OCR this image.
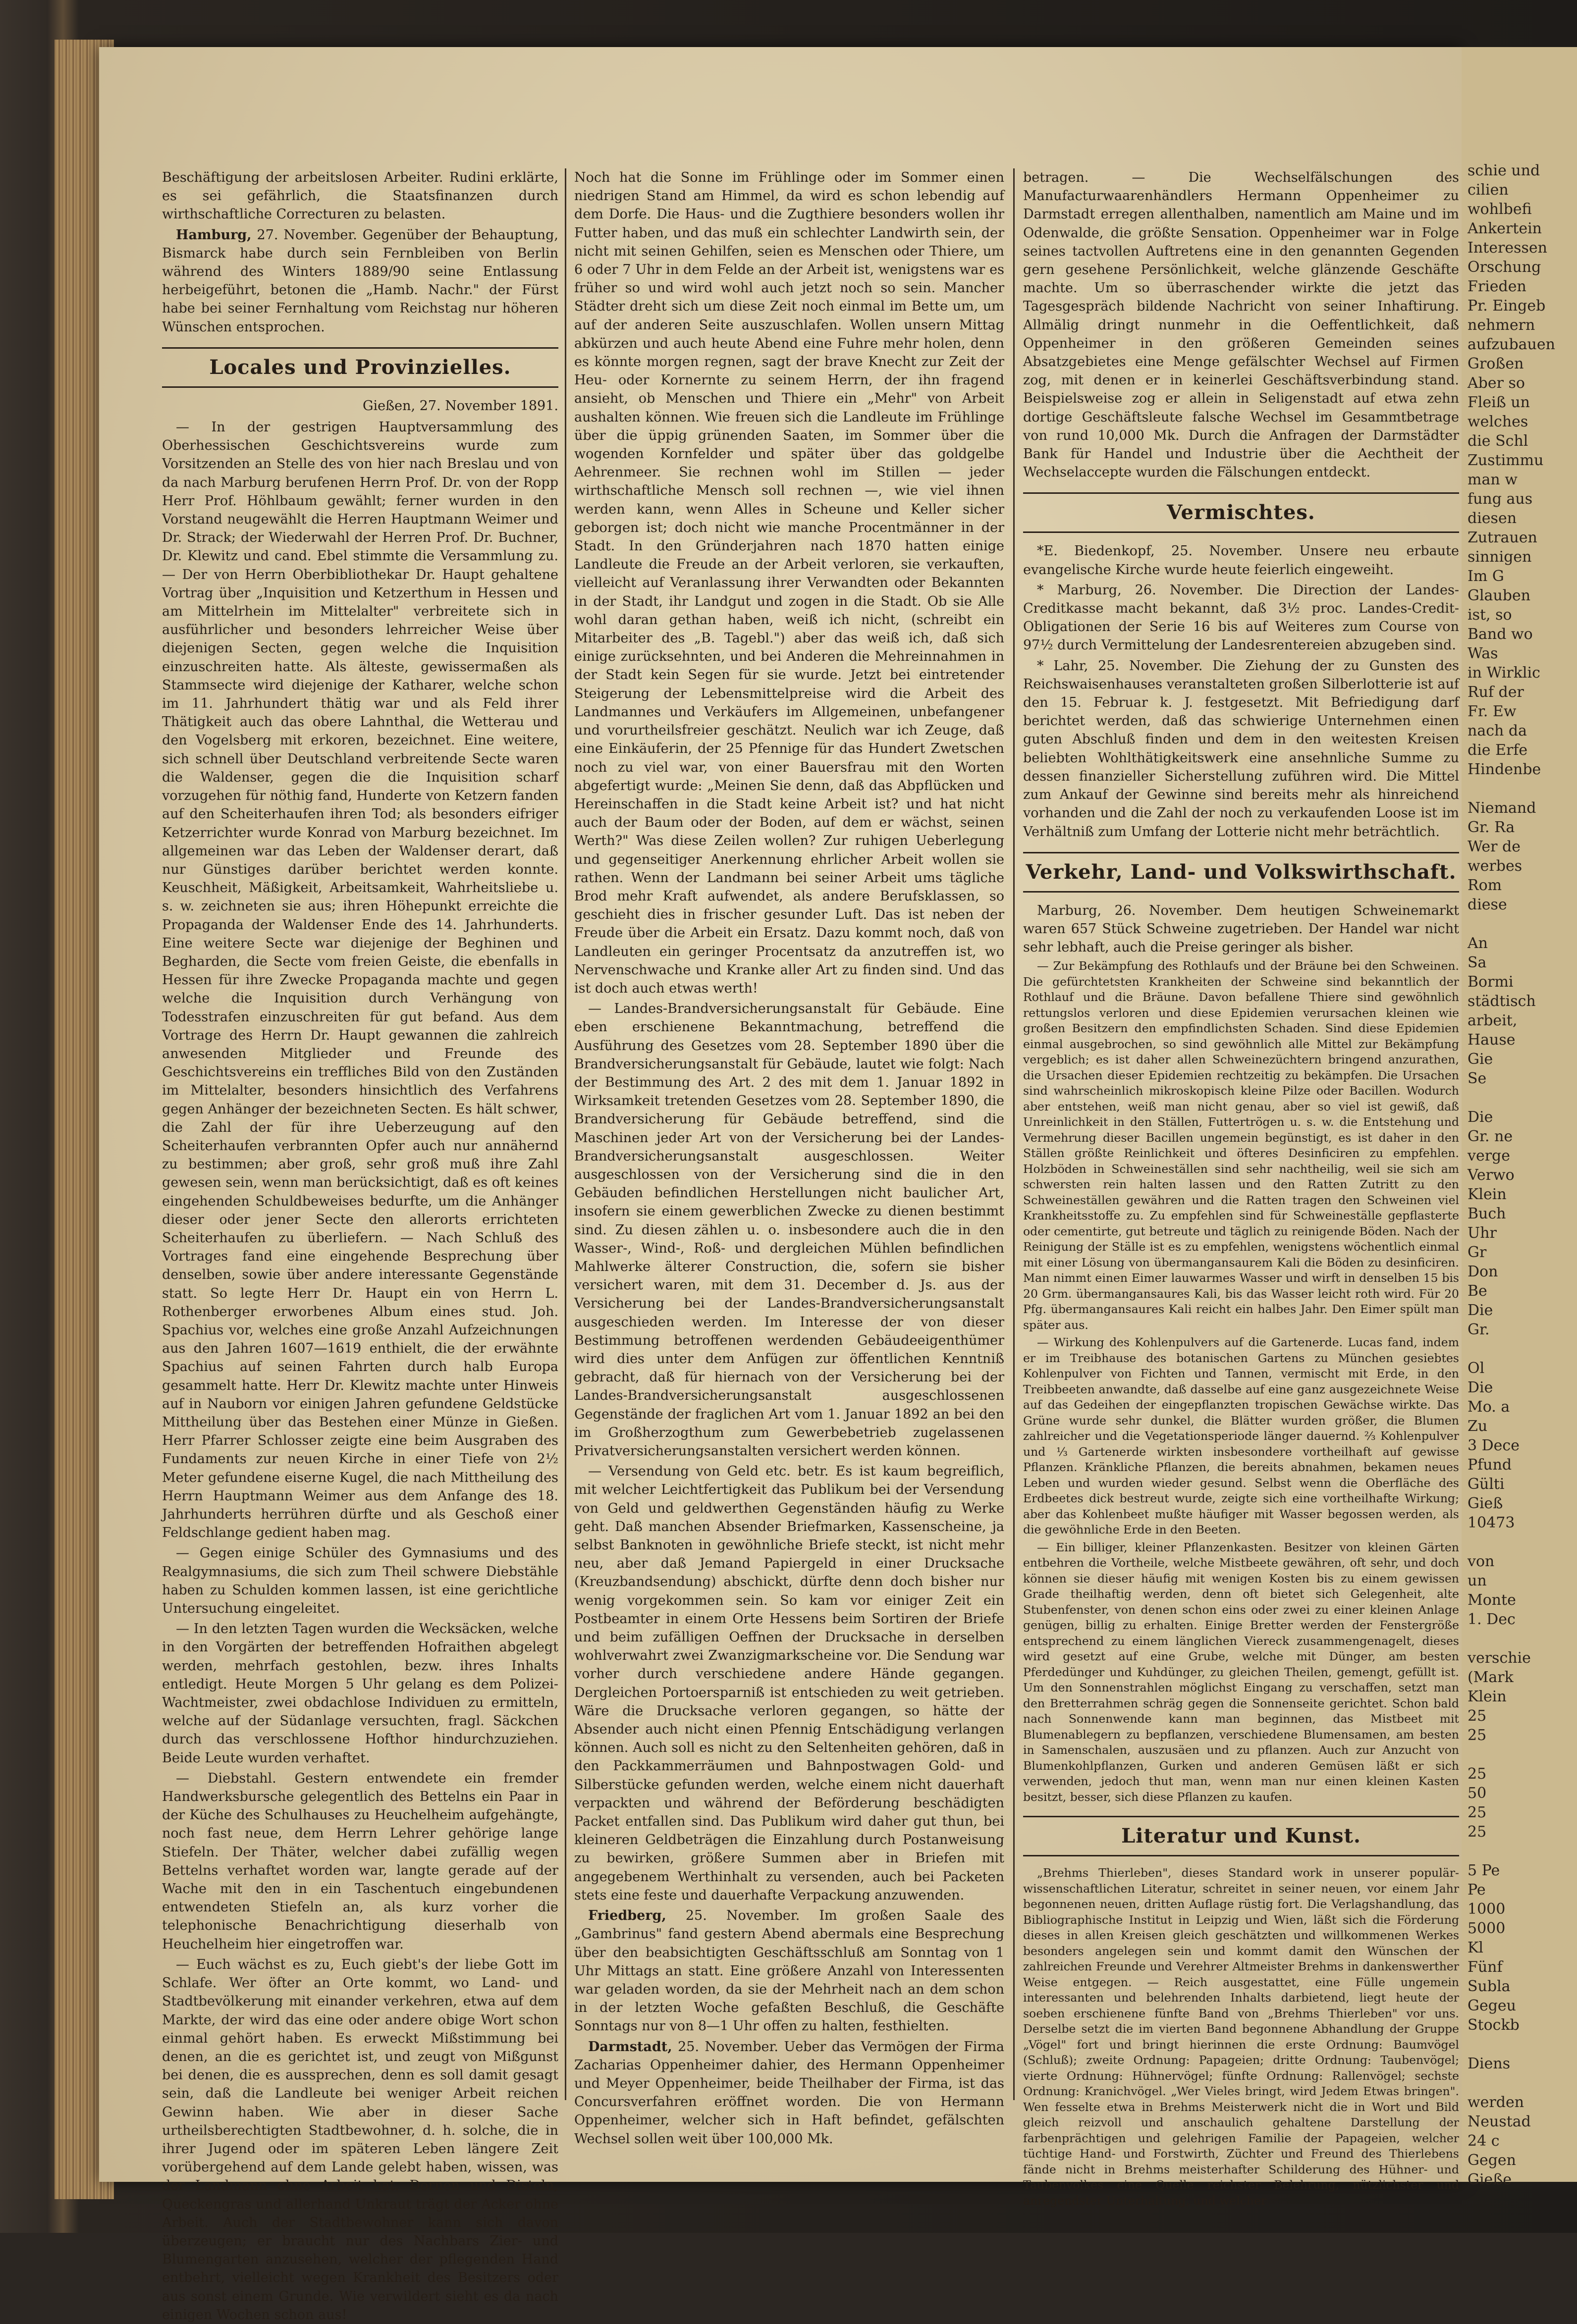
schie und
cilien
wohlbefi
Ankertein
Interessen
Orschung
Frieden
Pr. Eingeb
nehmern
aufzubauen
Großen
Aber so
Fleiß un
welches
die Schl
Zustimmu
man w
fung aus
diesen
Zutrauen
sinnigen
Im G
Glauben
ist, so
Band wo
Was
in Wirklic
Ruf der
Fr. Ew
nach da
die Erfe
Hindenbe

Niemand
Gr. Ra
Wer de
werbes
Rom
diese

An
Sa
Bormi
städtisch
arbeit,
Hause
Gie
Se

Die
Gr. ne
verge
Verwo
Klein
Buch
Uhr
Gr
Don
Be
Die
Gr.

Ol
Die
Mo. a
Zu
3 Dece
Pfund
Gülti
Gieß
10473

von
un
Monte
1. Dec

verschie
(Mark
Klein
25
25

25
50
25
25

5 Pe
Pe
1000
5000
Kl
Fünf
Subla
Gegeu
Stockb

Diens

werden
Neustad
24 c
Gegen
Gieße

Beschäftigung der arbeitslosen Arbeiter. Rudini erklärte, es sei gefährlich, die Staatsfinanzen durch wirthschaftliche Correcturen zu belasten.

Hamburg, 27. November. Gegenüber der Behauptung, Bismarck habe durch sein Fernbleiben von Berlin während des Winters 1889/90 seine Entlassung herbeigeführt, betonen die „Hamb. Nachr." der Fürst habe bei seiner Fernhaltung vom Reichstag nur höheren Wünschen entsprochen.

Locales und Provinzielles.
Gießen, 27. November 1891.

— In der gestrigen Hauptversammlung des Oberhessischen Geschichtsvereins wurde zum Vorsitzenden an Stelle des von hier nach Breslau und von da nach Marburg berufenen Herrn Prof. Dr. von der Ropp Herr Prof. Höhlbaum gewählt; ferner wurden in den Vorstand neugewählt die Herren Hauptmann Weimer und Dr. Strack; der Wiederwahl der Herren Prof. Dr. Buchner, Dr. Klewitz und cand. Ebel stimmte die Versammlung zu. — Der von Herrn Oberbibliothekar Dr. Haupt gehaltene Vortrag über „Inquisition und Ketzerthum in Hessen und am Mittelrhein im Mittelalter" verbreitete sich in ausführlicher und besonders lehrreicher Weise über diejenigen Secten, gegen welche die Inquisition einzuschreiten hatte. Als älteste, gewissermaßen als Stammsecte wird diejenige der Katharer, welche schon im 11. Jahrhundert thätig war und als Feld ihrer Thätigkeit auch das obere Lahnthal, die Wetterau und den Vogelsberg mit erkoren, bezeichnet. Eine weitere, sich schnell über Deutschland verbreitende Secte waren die Waldenser, gegen die die Inquisition scharf vorzugehen für nöthig fand, Hunderte von Ketzern fanden auf den Scheiterhaufen ihren Tod; als besonders eifriger Ketzerrichter wurde Konrad von Marburg bezeichnet. Im allgemeinen war das Leben der Waldenser derart, daß nur Günstiges darüber berichtet werden konnte. Keuschheit, Mäßigkeit, Arbeitsamkeit, Wahrheitsliebe u. s. w. zeichneten sie aus; ihren Höhepunkt erreichte die Propaganda der Waldenser Ende des 14. Jahrhunderts. Eine weitere Secte war diejenige der Beghinen und Begharden, die Secte vom freien Geiste, die ebenfalls in Hessen für ihre Zwecke Propaganda machte und gegen welche die Inquisition durch Verhängung von Todesstrafen einzuschreiten für gut befand. Aus dem Vortrage des Herrn Dr. Haupt gewannen die zahlreich anwesenden Mitglieder und Freunde des Geschichtsvereins ein treffliches Bild von den Zuständen im Mittelalter, besonders hinsichtlich des Verfahrens gegen Anhänger der bezeichneten Secten. Es hält schwer, die Zahl der für ihre Ueberzeugung auf den Scheiterhaufen verbrannten Opfer auch nur annähernd zu bestimmen; aber groß, sehr groß muß ihre Zahl gewesen sein, wenn man berücksichtigt, daß es oft keines eingehenden Schuldbeweises bedurfte, um die Anhänger dieser oder jener Secte den allerorts errichteten Scheiterhaufen zu überliefern. — Nach Schluß des Vortrages fand eine eingehende Besprechung über denselben, sowie über andere interessante Gegenstände statt. So legte Herr Dr. Haupt ein von Herrn L. Rothenberger erworbenes Album eines stud. Joh. Spachius vor, welches eine große Anzahl Aufzeichnungen aus den Jahren 1607—1619 enthielt, die der erwähnte Spachius auf seinen Fahrten durch halb Europa gesammelt hatte. Herr Dr. Klewitz machte unter Hinweis auf in Nauborn vor einigen Jahren gefundene Geldstücke Mittheilung über das Bestehen einer Münze in Gießen. Herr Pfarrer Schlosser zeigte eine beim Ausgraben des Fundaments zur neuen Kirche in einer Tiefe von 2½ Meter gefundene eiserne Kugel, die nach Mittheilung des Herrn Hauptmann Weimer aus dem Anfange des 18. Jahrhunderts herrühren dürfte und als Geschoß einer Feldschlange gedient haben mag.

— Gegen einige Schüler des Gymnasiums und des Realgymnasiums, die sich zum Theil schwere Diebstähle haben zu Schulden kommen lassen, ist eine gerichtliche Untersuchung eingeleitet.

— In den letzten Tagen wurden die Wecksäcken, welche in den Vorgärten der betreffenden Hofraithen abgelegt werden, mehrfach gestohlen, bezw. ihres Inhalts entledigt. Heute Morgen 5 Uhr gelang es dem Polizei-Wachtmeister, zwei obdachlose Individuen zu ermitteln, welche auf der Südanlage versuchten, fragl. Säckchen durch das verschlossene Hofthor hindurchzuziehen. Beide Leute wurden verhaftet.

— Diebstahl. Gestern entwendete ein fremder Handwerksbursche gelegentlich des Bettelns ein Paar in der Küche des Schulhauses zu Heuchelheim aufgehängte, noch fast neue, dem Herrn Lehrer gehörige lange Stiefeln. Der Thäter, welcher dabei zufällig wegen Bettelns verhaftet worden war, langte gerade auf der Wache mit den in ein Taschentuch eingebundenen entwendeten Stiefeln an, als kurz vorher die telephonische Benachrichtigung dieserhalb von Heuchelheim hier eingetroffen war.

— Euch wächst es zu, Euch giebt's der liebe Gott im Schlafe. Wer öfter an Orte kommt, wo Land- und Stadtbevölkerung mit einander verkehren, etwa auf dem Markte, der wird das eine oder andere obige Wort schon einmal gehört haben. Es erweckt Mißstimmung bei denen, an die es gerichtet ist, und zeugt von Mißgunst bei denen, die es aussprechen, denn es soll damit gesagt sein, daß die Landleute bei weniger Arbeit reichen Gewinn haben. Wie aber in dieser Sache urtheilsberechtigten Stadtbewohner, d. h. solche, die in ihrer Jugend oder im späteren Leben längere Zeit vorübergehend auf dem Lande gelebt haben, wissen, was der Landmann ohne Arbeit hat. Dornen und Disteln, Queckengras und allerhand Unkraut trägt der Acker ohne Arbeit. Auch der Stadtbewohner kann sich davon überzeugen; er braucht nur des Nachbars Zier- und Blumengarten anzusehen, welcher der pflegenden Hand entbehrt, vielleicht wegen Krankheit des Besitzers oder aus sonst einem Grunde. Wie verwildert sieht es da nach einigen Wochen schon aus!

Noch hat die Sonne im Frühlinge oder im Sommer einen niedrigen Stand am Himmel, da wird es schon lebendig auf dem Dorfe. Die Haus- und die Zugthiere besonders wollen ihr Futter haben, und das muß ein schlechter Landwirth sein, der nicht mit seinen Gehilfen, seien es Menschen oder Thiere, um 6 oder 7 Uhr in dem Felde an der Arbeit ist, wenigstens war es früher so und wird wohl auch jetzt noch so sein. Mancher Städter dreht sich um diese Zeit noch einmal im Bette um, um auf der anderen Seite auszuschlafen. Wollen unsern Mittag abkürzen und auch heute Abend eine Fuhre mehr holen, denn es könnte morgen regnen, sagt der brave Knecht zur Zeit der Heu- oder Kornernte zu seinem Herrn, der ihn fragend ansieht, ob Menschen und Thiere ein „Mehr" von Arbeit aushalten können. Wie freuen sich die Landleute im Frühlinge über die üppig grünenden Saaten, im Sommer über die wogenden Kornfelder und später über das goldgelbe Aehrenmeer. Sie rechnen wohl im Stillen — jeder wirthschaftliche Mensch soll rechnen —, wie viel ihnen werden kann, wenn Alles in Scheune und Keller sicher geborgen ist; doch nicht wie manche Procentmänner in der Stadt. In den Gründerjahren nach 1870 hatten einige Landleute die Freude an der Arbeit verloren, sie verkauften, vielleicht auf Veranlassung ihrer Verwandten oder Bekannten in der Stadt, ihr Landgut und zogen in die Stadt. Ob sie Alle wohl daran gethan haben, weiß ich nicht, (schreibt ein Mitarbeiter des „B. Tagebl.") aber das weiß ich, daß sich einige zurücksehnten, und bei Anderen die Mehreinnahmen in der Stadt kein Segen für sie wurde. Jetzt bei eintretender Steigerung der Lebensmittelpreise wird die Arbeit des Landmannes und Verkäufers im Allgemeinen, unbefangener und vorurtheilsfreier geschätzt. Neulich war ich Zeuge, daß eine Einkäuferin, der 25 Pfennige für das Hundert Zwetschen noch zu viel war, von einer Bauersfrau mit den Worten abgefertigt wurde: „Meinen Sie denn, daß das Abpflücken und Hereinschaffen in die Stadt keine Arbeit ist? und hat nicht auch der Baum oder der Boden, auf dem er wächst, seinen Werth?" Was diese Zeilen wollen? Zur ruhigen Ueberlegung und gegenseitiger Anerkennung ehrlicher Arbeit wollen sie rathen. Wenn der Landmann bei seiner Arbeit ums tägliche Brod mehr Kraft aufwendet, als andere Berufsklassen, so geschieht dies in frischer gesunder Luft. Das ist neben der Freude über die Arbeit ein Ersatz. Dazu kommt noch, daß von Landleuten ein geringer Procentsatz da anzutreffen ist, wo Nervenschwache und Kranke aller Art zu finden sind. Und das ist doch auch etwas werth!

— Landes-Brandversicherungsanstalt für Gebäude. Eine eben erschienene Bekanntmachung, betreffend die Ausführung des Gesetzes vom 28. September 1890 über die Brandversicherungsanstalt für Gebäude, lautet wie folgt: Nach der Bestimmung des Art. 2 des mit dem 1. Januar 1892 in Wirksamkeit tretenden Gesetzes vom 28. September 1890, die Brandversicherung für Gebäude betreffend, sind die Maschinen jeder Art von der Versicherung bei der Landes-Brandversicherungsanstalt ausgeschlossen. Weiter ausgeschlossen von der Versicherung sind die in den Gebäuden befindlichen Herstellungen nicht baulicher Art, insofern sie einem gewerblichen Zwecke zu dienen bestimmt sind. Zu diesen zählen u. o. insbesondere auch die in den Wasser-, Wind-, Roß- und dergleichen Mühlen befindlichen Mahlwerke älterer Construction, die, sofern sie bisher versichert waren, mit dem 31. December d. Js. aus der Versicherung bei der Landes-Brandversicherungsanstalt ausgeschieden werden. Im Interesse der von dieser Bestimmung betroffenen werdenden Gebäudeeigenthümer wird dies unter dem Anfügen zur öffentlichen Kenntniß gebracht, daß für hiernach von der Versicherung bei der Landes-Brandversicherungsanstalt ausgeschlossenen Gegenstände der fraglichen Art vom 1. Januar 1892 an bei den im Großherzogthum zum Gewerbebetrieb zugelassenen Privatversicherungsanstalten versichert werden können.

— Versendung von Geld etc. betr. Es ist kaum begreiflich, mit welcher Leichtfertigkeit das Publikum bei der Versendung von Geld und geldwerthen Gegenständen häufig zu Werke geht. Daß manchen Absender Briefmarken, Kassenscheine, ja selbst Banknoten in gewöhnliche Briefe steckt, ist nicht mehr neu, aber daß Jemand Papiergeld in einer Drucksache (Kreuzbandsendung) abschickt, dürfte denn doch bisher nur wenig vorgekommen sein. So kam vor einiger Zeit ein Postbeamter in einem Orte Hessens beim Sortiren der Briefe und beim zufälligen Oeffnen der Drucksache in derselben wohlverwahrt zwei Zwanzigmarkscheine vor. Die Sendung war vorher durch verschiedene andere Hände gegangen. Dergleichen Portoersparniß ist entschieden zu weit getrieben. Wäre die Drucksache verloren gegangen, so hätte der Absender auch nicht einen Pfennig Entschädigung verlangen können. Auch soll es nicht zu den Seltenheiten gehören, daß in den Packkammerräumen und Bahnpostwagen Gold- und Silberstücke gefunden werden, welche einem nicht dauerhaft verpackten und während der Beförderung beschädigten Packet entfallen sind. Das Publikum wird daher gut thun, bei kleineren Geldbeträgen die Einzahlung durch Postanweisung zu bewirken, größere Summen aber in Briefen mit angegebenem Werthinhalt zu versenden, auch bei Packeten stets eine feste und dauerhafte Verpackung anzuwenden.

Friedberg, 25. November. Im großen Saale des „Gambrinus" fand gestern Abend abermals eine Besprechung über den beabsichtigten Geschäftsschluß am Sonntag von 1 Uhr Mittags an statt. Eine größere Anzahl von Interessenten war geladen worden, da sie der Mehrheit nach an dem schon in der letzten Woche gefaßten Beschluß, die Geschäfte Sonntags nur von 8—1 Uhr offen zu halten, festhielten.

Darmstadt, 25. November. Ueber das Vermögen der Firma Zacharias Oppenheimer dahier, des Hermann Oppenheimer und Meyer Oppenheimer, beide Theilhaber der Firma, ist das Concursverfahren eröffnet worden. Die von Hermann Oppenheimer, welcher sich in Haft befindet, gefälschten Wechsel sollen weit über 100,000 Mk.

betragen. — Die Wechselfälschungen des Manufacturwaarenhändlers Hermann Oppenheimer zu Darmstadt erregen allenthalben, namentlich am Maine und im Odenwalde, die größte Sensation. Oppenheimer war in Folge seines tactvollen Auftretens eine in den genannten Gegenden gern gesehene Persönlichkeit, welche glänzende Geschäfte machte. Um so überraschender wirkte die jetzt das Tagesgespräch bildende Nachricht von seiner Inhaftirung. Allmälig dringt nunmehr in die Oeffentlichkeit, daß Oppenheimer in den größeren Gemeinden seines Absatzgebietes eine Menge gefälschter Wechsel auf Firmen zog, mit denen er in keinerlei Geschäftsverbindung stand. Beispielsweise zog er allein in Seligenstadt auf etwa zehn dortige Geschäftsleute falsche Wechsel im Gesammtbetrage von rund 10,000 Mk. Durch die Anfragen der Darmstädter Bank für Handel und Industrie über die Aechtheit der Wechselaccepte wurden die Fälschungen entdeckt.

Vermischtes.

*E. Biedenkopf, 25. November. Unsere neu erbaute evangelische Kirche wurde heute feierlich eingeweiht.

* Marburg, 26. November. Die Direction der Landes-Creditkasse macht bekannt, daß 3½ proc. Landes-Credit-Obligationen der Serie 16 bis auf Weiteres zum Course von 97½ durch Vermittelung der Landesrentereien abzugeben sind.

* Lahr, 25. November. Die Ziehung der zu Gunsten des Reichswaisenhauses veranstalteten großen Silberlotterie ist auf den 15. Februar k. J. festgesetzt. Mit Befriedigung darf berichtet werden, daß das schwierige Unternehmen einen guten Abschluß finden und dem in den weitesten Kreisen beliebten Wohlthätigkeitswerk eine ansehnliche Summe zu dessen finanzieller Sicherstellung zuführen wird. Die Mittel zum Ankauf der Gewinne sind bereits mehr als hinreichend vorhanden und die Zahl der noch zu verkaufenden Loose ist im Verhältniß zum Umfang der Lotterie nicht mehr beträchtlich.

Verkehr, Land- und Volkswirthschaft.

Marburg, 26. November. Dem heutigen Schweinemarkt waren 657 Stück Schweine zugetrieben. Der Handel war nicht sehr lebhaft, auch die Preise geringer als bisher.

— Zur Bekämpfung des Rothlaufs und der Bräune bei den Schweinen. Die gefürchtetsten Krankheiten der Schweine sind bekanntlich der Rothlauf und die Bräune. Davon befallene Thiere sind gewöhnlich rettungslos verloren und diese Epidemien verursachen kleinen wie großen Besitzern den empfindlichsten Schaden. Sind diese Epidemien einmal ausgebrochen, so sind gewöhnlich alle Mittel zur Bekämpfung vergeblich; es ist daher allen Schweinezüchtern bringend anzurathen, die Ursachen dieser Epidemien rechtzeitig zu bekämpfen. Die Ursachen sind wahrscheinlich mikroskopisch kleine Pilze oder Bacillen. Wodurch aber entstehen, weiß man nicht genau, aber so viel ist gewiß, daß Unreinlichkeit in den Ställen, Futtertrögen u. s. w. die Entstehung und Vermehrung dieser Bacillen ungemein begünstigt, es ist daher in den Ställen größte Reinlichkeit und öfteres Desinficiren zu empfehlen. Holzböden in Schweineställen sind sehr nachtheilig, weil sie sich am schwersten rein halten lassen und den Ratten Zutritt zu den Schweineställen gewähren und die Ratten tragen den Schweinen viel Krankheitsstoffe zu. Zu empfehlen sind für Schweineställe gepflasterte oder cementirte, gut betreute und täglich zu reinigende Böden. Nach der Reinigung der Ställe ist es zu empfehlen, wenigstens wöchentlich einmal mit einer Lösung von übermangansaurem Kali die Böden zu desinficiren. Man nimmt einen Eimer lauwarmes Wasser und wirft in denselben 15 bis 20 Grm. übermangansaures Kali, bis das Wasser leicht roth wird. Für 20 Pfg. übermangansaures Kali reicht ein halbes Jahr. Den Eimer spült man später aus.

— Wirkung des Kohlenpulvers auf die Gartenerde. Lucas fand, indem er im Treibhause des botanischen Gartens zu München gesiebtes Kohlenpulver von Fichten und Tannen, vermischt mit Erde, in den Treibbeeten anwandte, daß dasselbe auf eine ganz ausgezeichnete Weise auf das Gedeihen der eingepflanzten tropischen Gewächse wirkte. Das Grüne wurde sehr dunkel, die Blätter wurden größer, die Blumen zahlreicher und die Vegetationsperiode länger dauernd. ⅔ Kohlenpulver und ⅓ Gartenerde wirkten insbesondere vortheilhaft auf gewisse Pflanzen. Kränkliche Pflanzen, die bereits abnahmen, bekamen neues Leben und wurden wieder gesund. Selbst wenn die Oberfläche des Erdbeetes dick bestreut wurde, zeigte sich eine vortheilhafte Wirkung; aber das Kohlenbeet mußte häufiger mit Wasser begossen werden, als die gewöhnliche Erde in den Beeten.

— Ein billiger, kleiner Pflanzenkasten. Besitzer von kleinen Gärten entbehren die Vortheile, welche Mistbeete gewähren, oft sehr, und doch können sie dieser häufig mit wenigen Kosten bis zu einem gewissen Grade theilhaftig werden, denn oft bietet sich Gelegenheit, alte Stubenfenster, von denen schon eins oder zwei zu einer kleinen Anlage genügen, billig zu erhalten. Einige Bretter werden der Fenstergröße entsprechend zu einem länglichen Viereck zusammengenagelt, dieses wird gesetzt auf eine Grube, welche mit Dünger, am besten Pferdedünger und Kuhdünger, zu gleichen Theilen, gemengt, gefüllt ist. Um den Sonnenstrahlen möglichst Eingang zu verschaffen, setzt man den Bretterrahmen schräg gegen die Sonnenseite gerichtet. Schon bald nach Sonnenwende kann man beginnen, das Mistbeet mit Blumenablegern zu bepflanzen, verschiedene Blumensamen, am besten in Samenschalen, auszusäen und zu pflanzen. Auch zur Anzucht von Blumenkohlpflanzen, Gurken und anderen Gemüsen läßt er sich verwenden, jedoch thut man, wenn man nur einen kleinen Kasten besitzt, besser, sich diese Pflanzen zu kaufen.

Literatur und Kunst.

„Brehms Thierleben", dieses Standard work in unserer populär-wissenschaftlichen Literatur, schreitet in seiner neuen, vor einem Jahr begonnenen neuen, dritten Auflage rüstig fort. Die Verlagshandlung, das Bibliographische Institut in Leipzig und Wien, läßt sich die Förderung dieses in allen Kreisen gleich geschätzten und willkommenen Werkes besonders angelegen sein und kommt damit den Wünschen der zahlreichen Freunde und Verehrer Altmeister Brehms in dankenswerther Weise entgegen. — Reich ausgestattet, eine Fülle ungemein interessanten und belehrenden Inhalts darbietend, liegt heute der soeben erschienene fünfte Band von „Brehms Thierleben" vor uns. Derselbe setzt die im vierten Band begonnene Abhandlung der Gruppe „Vögel" fort und bringt hierinnen die erste Ordnung: Baumvögel (Schluß); zweite Ordnung: Papageien; dritte Ordnung: Taubenvögel; vierte Ordnung: Hühnervögel; fünfte Ordnung: Rallenvögel; sechste Ordnung: Kranichvögel. „Wer Vieles bringt, wird Jedem Etwas bringen". Wen fesselte etwa in Brehms Meisterwerk nicht die in Wort und Bild gleich reizvoll und anschaulich gehaltene Darstellung der farbenprächtigen und gelehrigen Familie der Papageien, welcher tüchtige Hand- und Forstwirth, Züchter und Freund des Thierlebens fände nicht in Brehms meisterhafter Schilderung des Hühner- und Taubenvolkes eine Quelle reichster Belehrung, nützlichster und anregendster Unterhaltung, und welcher
